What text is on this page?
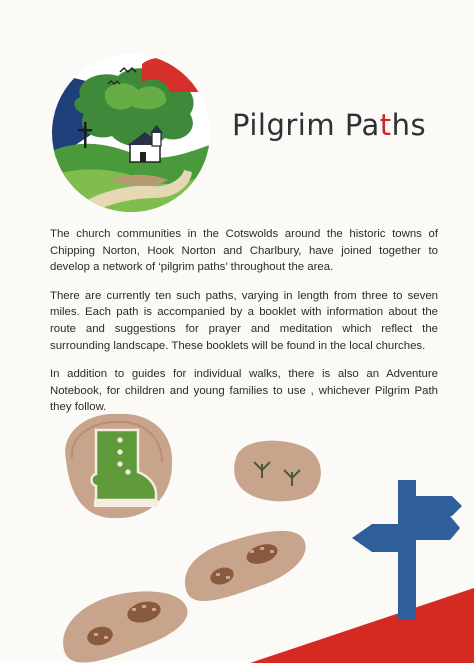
Pilgrim Paths

The church communities in the Cotswolds around the historic towns of Chipping Norton, Hook Norton and Charlbury, have joined together to develop a network of ‘pilgrim paths’ throughout the area.

There are currently ten such paths, varying in length from three to seven miles. Each path is accompanied by a booklet with information about the route and suggestions for prayer and meditation which reflect the surrounding landscape. These booklets will be found in the local churches.

In addition to guides for individual walks, there is also an Adventure Notebook, for children and young families to use , whichever Pilgrim Path they follow.
